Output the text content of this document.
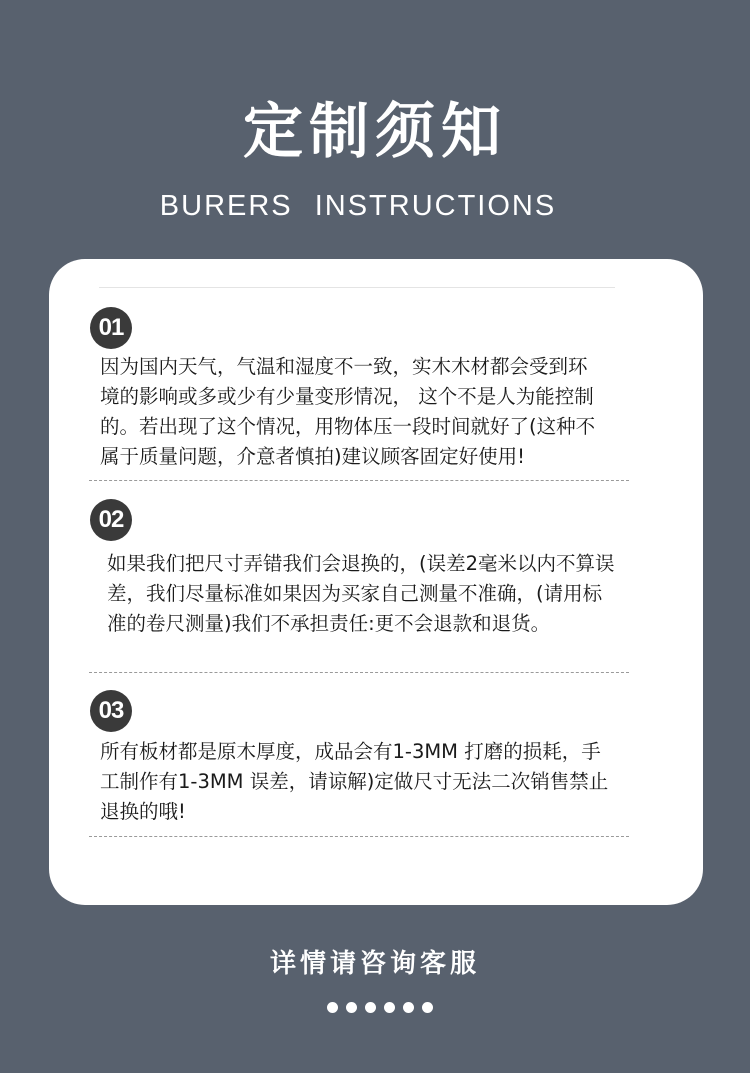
定制须知
BURERS INSTRUCTIONS
01
因为国内天气，气温和湿度不一致，实木木材都会受到环
境的影响或多或少有少量变形情况， 这个不是人为能控制
的。若出现了这个情况，用物体压一段时间就好了(这种不
属于质量问题，介意者慎拍)建议顾客固定好使用!
02
如果我们把尺寸弄错我们会退换的，(误差2毫米以内不算误
差，我们尽量标准如果因为买家自己测量不准确，(请用标
准的卷尺测量)我们不承担责任:更不会退款和退货。
03
所有板材都是原木厚度，成品会有1-3MM 打磨的损耗，手
工制作有1-3MM 误差，请谅解)定做尺寸无法二次销售禁止
退换的哦!
详情请咨询客服
